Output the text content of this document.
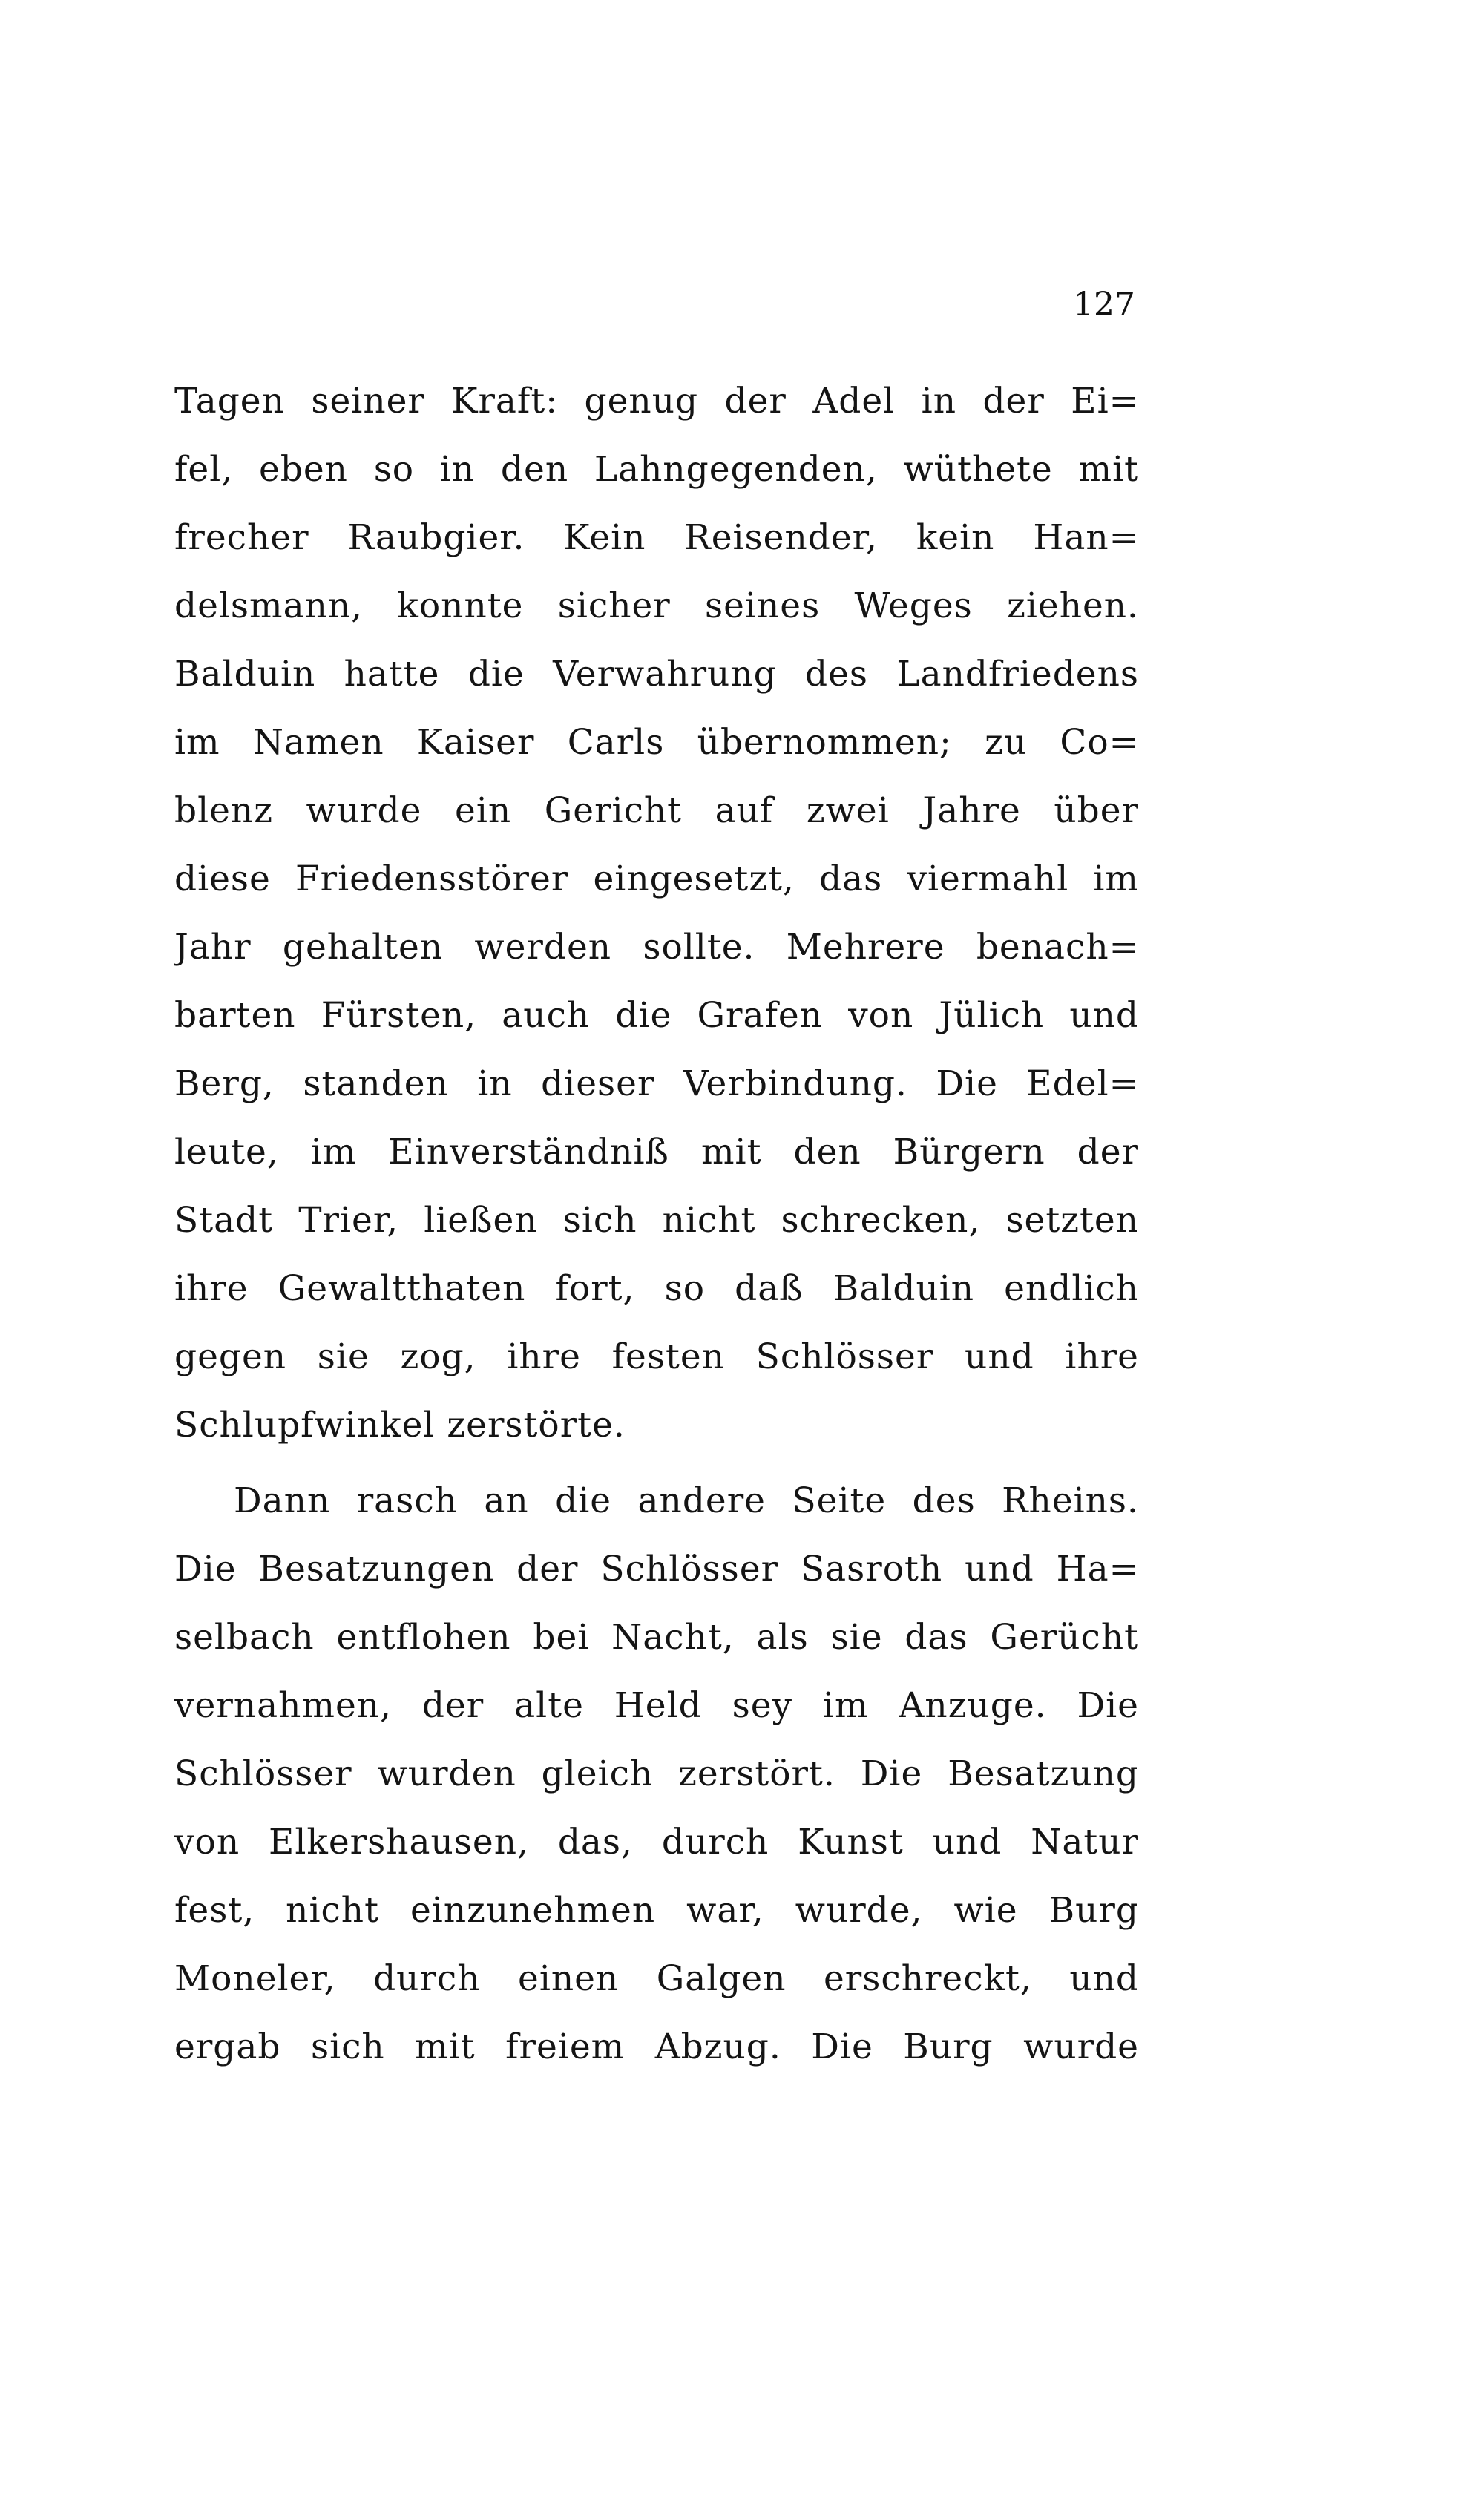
127
Tagen seiner Kraft: genug der Adel in der Ei=
fel, eben so in den Lahngegenden, wüthete mit
frecher Raubgier. Kein Reisender, kein Han=
delsmann, konnte sicher seines Weges ziehen.
Balduin hatte die Verwahrung des Landfriedens
im Namen Kaiser Carls übernommen; zu Co=
blenz wurde ein Gericht auf zwei Jahre über
diese Friedensstörer eingesetzt, das viermahl im
Jahr gehalten werden sollte. Mehrere benach=
barten Fürsten, auch die Grafen von Jülich und
Berg, standen in dieser Verbindung. Die Edel=
leute, im Einverständniß mit den Bürgern der
Stadt Trier, ließen sich nicht schrecken, setzten
ihre Gewaltthaten fort, so daß Balduin endlich
gegen sie zog, ihre festen Schlösser und ihre
Schlupfwinkel zerstörte.
Dann rasch an die andere Seite des Rheins.
Die Besatzungen der Schlösser Sasroth und Ha=
selbach entflohen bei Nacht, als sie das Gerücht
vernahmen, der alte Held sey im Anzuge. Die
Schlösser wurden gleich zerstört. Die Besatzung
von Elkershausen, das, durch Kunst und Natur
fest, nicht einzunehmen war, wurde, wie Burg
Moneler, durch einen Galgen erschreckt, und
ergab sich mit freiem Abzug. Die Burg wurde
